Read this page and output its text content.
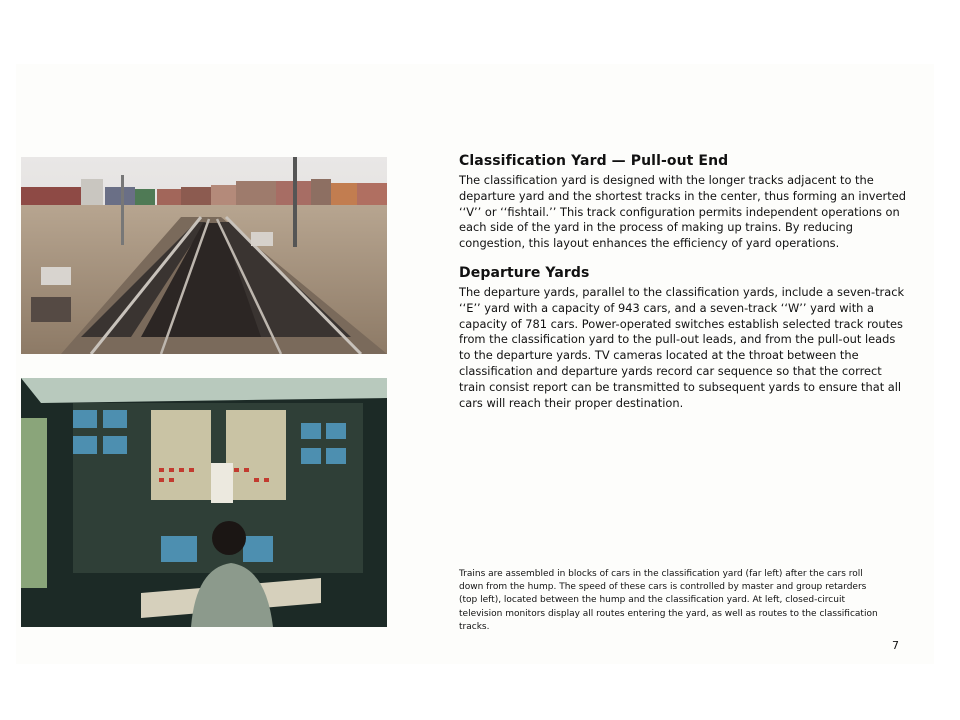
Classification Yard — Pull-out End

The classification yard is designed with the longer tracks adjacent to the departure yard and the shortest tracks in the center, thus forming an inverted ‘‘V’’ or ‘‘fishtail.’’ This track configuration permits independent operations on each side of the yard in the process of making up trains. By reducing congestion, this layout enhances the efficiency of yard operations.

Departure Yards

The departure yards, parallel to the classification yards, include a seven-track ‘‘E’’ yard with a capacity of 943 cars, and a seven-track ‘‘W’’ yard with a capacity of 781 cars. Power-operated switches establish selected track routes from the classification yard to the pull-out leads, and from the pull-out leads to the departure yards. TV cameras located at the throat between the classification and departure yards record car sequence so that the correct train consist report can be transmitted to subsequent yards to ensure that all cars will reach their proper destination.

Trains are assembled in blocks of cars in the classification yard (far left) after the cars roll down from the hump. The speed of these cars is controlled by master and group retarders (top left), located between the hump and the classification yard. At left, closed-circuit television monitors display all routes entering the yard, as well as routes to the classification tracks.

7
